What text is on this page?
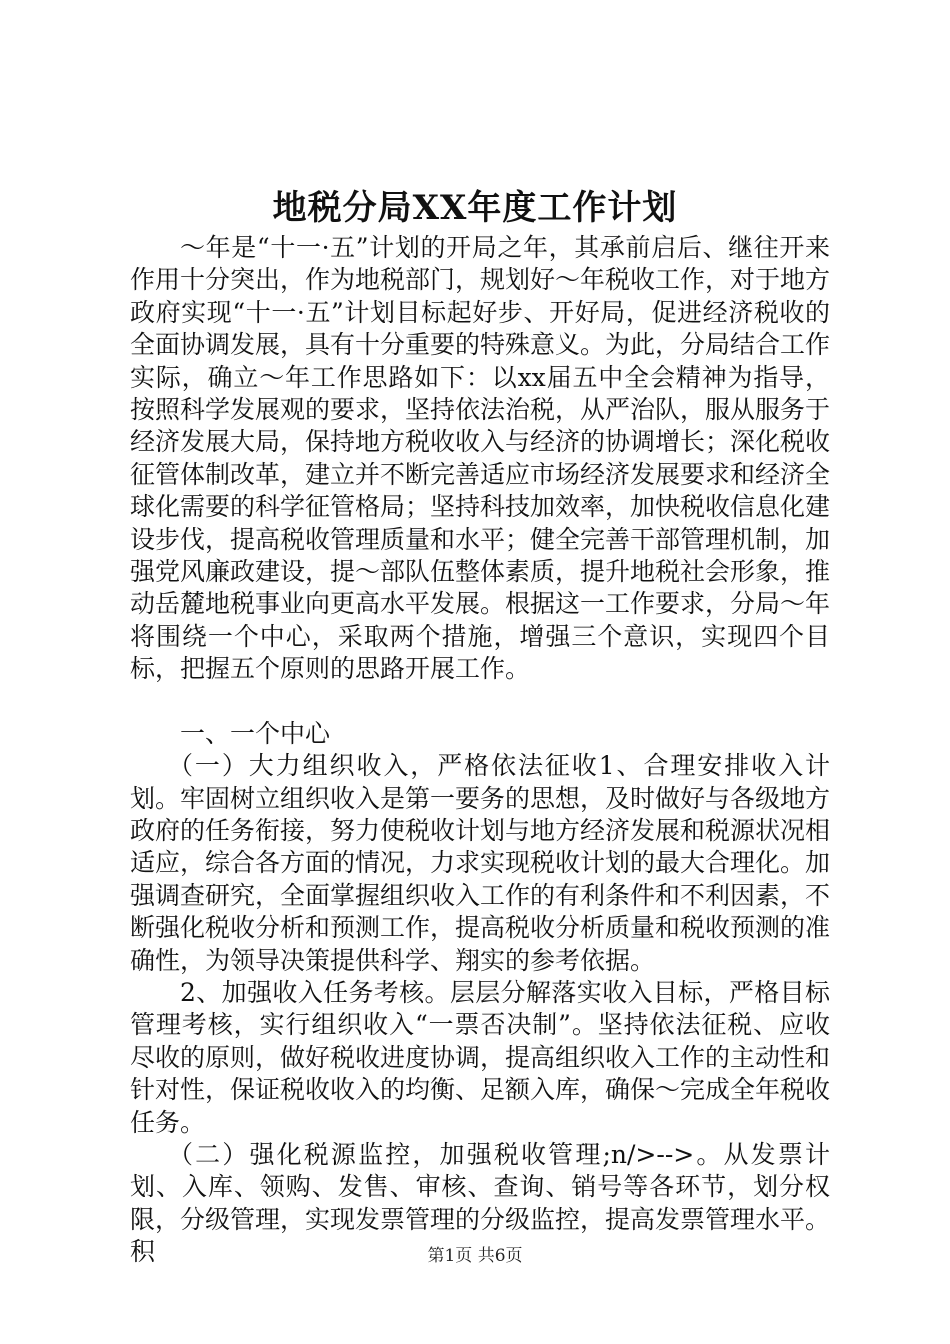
地税分局XX年度工作计划

～年是“十一·五”计划的开局之年，其承前启后、继往开来作用十分突出，作为地税部门，规划好～年税收工作，对于地方政府实现“十一·五”计划目标起好步、开好局，促进经济税收的全面协调发展，具有十分重要的特殊意义。为此，分局结合工作实际，确立～年工作思路如下：以xx届五中全会精神为指导，按照科学发展观的要求，坚持依法治税，从严治队，服从服务于经济发展大局，保持地方税收收入与经济的协调增长；深化税收征管体制改革，建立并不断完善适应市场经济发展要求和经济全球化需要的科学征管格局；坚持科技加效率，加快税收信息化建设步伐，提高税收管理质量和水平；健全完善干部管理机制，加强党风廉政建设，提～部队伍整体素质，提升地税社会形象，推动岳麓地税事业向更高水平发展。根据这一工作要求，分局～年将围绕一个中心，采取两个措施，增强三个意识，实现四个目标，把握五个原则的思路开展工作。

一、一个中心

（一）大力组织收入，严格依法征收1、合理安排收入计划。牢固树立组织收入是第一要务的思想，及时做好与各级地方政府的任务衔接，努力使税收计划与地方经济发展和税源状况相适应，综合各方面的情况，力求实现税收计划的最大合理化。加强调查研究，全面掌握组织收入工作的有利条件和不利因素，不断强化税收分析和预测工作，提高税收分析质量和税收预测的准确性，为领导决策提供科学、翔实的参考依据。

2、加强收入任务考核。层层分解落实收入目标，严格目标管理考核，实行组织收入“一票否决制”。坚持依法征税、应收尽收的原则，做好税收进度协调，提高组织收入工作的主动性和针对性，保证税收收入的均衡、足额入库，确保～完成全年税收任务。

（二）强化税源监控，加强税收管理;n/>-->。从发票计划、入库、领购、发售、审核、查询、销号等各环节，划分权限，分级管理，实现发票管理的分级监控，提高发票管理水平。积	第1页 共6页
